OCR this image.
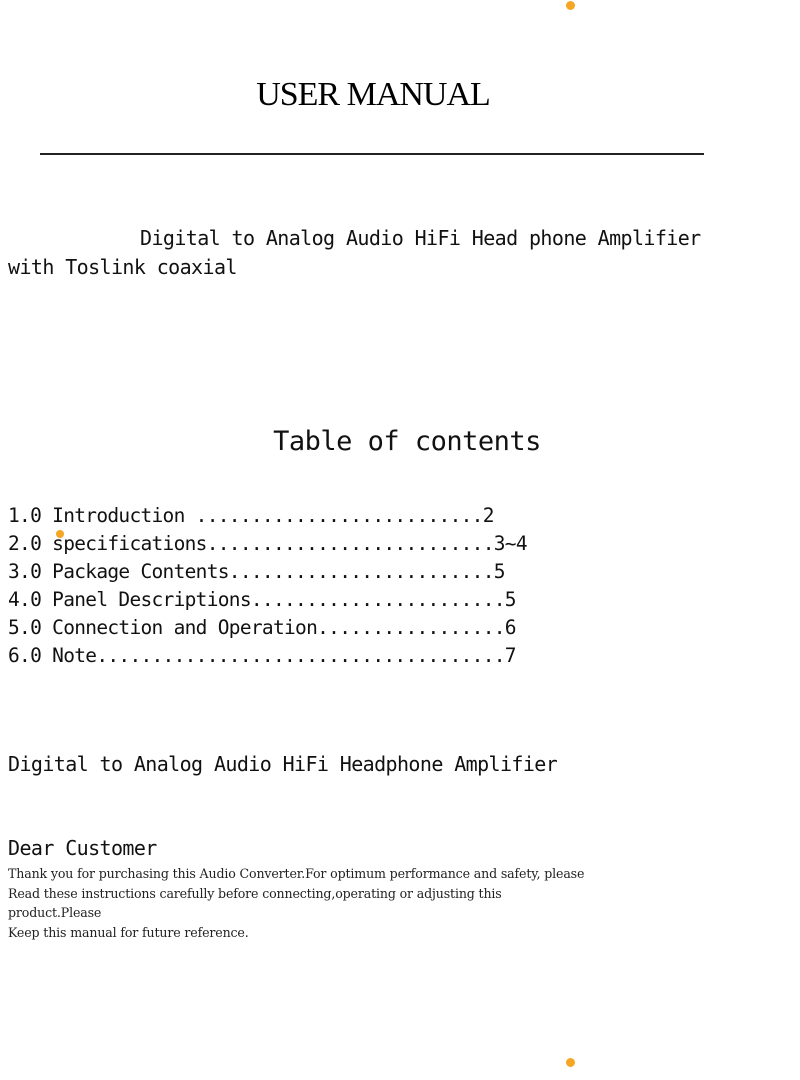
USER MANUAL

Digital to Analog Audio HiFi Head phone Amplifier with Toslink coaxial

Table of contents
1.0 Introduction ..........................2
2.0 specifications..........................3~4
3.0 Package Contents........................5
4.0 Panel Descriptions.......................5
5.0 Connection and Operation.................6
6.0 Note.....................................7
Digital to Analog Audio HiFi Headphone Amplifier

Dear Customer

Thank you for purchasing this Audio Converter.For optimum performance and safety, please
Read these instructions carefully before connecting,operating or adjusting this
product.Please
Keep this manual for future reference.
